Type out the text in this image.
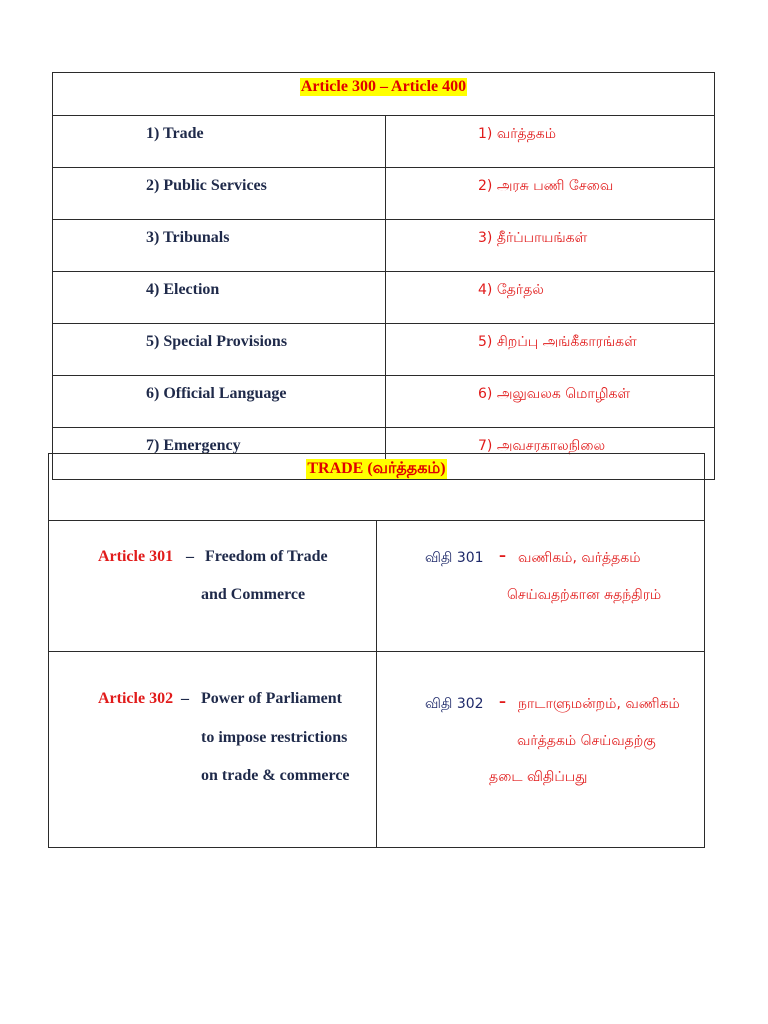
Article 300 – Article 400	
1) Trade	1) வர்த்தகம்
2) Public Services	2) அரசு பணி சேவை
3) Tribunals	3) தீர்ப்பாயங்கள்
4) Election	4) தேர்தல்
5) Special Provisions	5) சிறப்பு அங்கீகாரங்கள்
6) Official Language	6) அலுவலக மொழிகள்
7) Emergency	7) அவசரகாலநிலை
TRADE (வர்த்தகம்)	

Article 301 – Freedom of Trade
and Commerce	விதி 301 – வணிகம், வர்த்தகம்
செய்வதற்கான சுதந்திரம்

Article 302 – Power of Parliament
to impose restrictions
on trade & commerce	விதி 302 – நாடாளுமன்றம், வணிகம்
வர்த்தகம் செய்வதற்கு
தடை விதிப்பது
